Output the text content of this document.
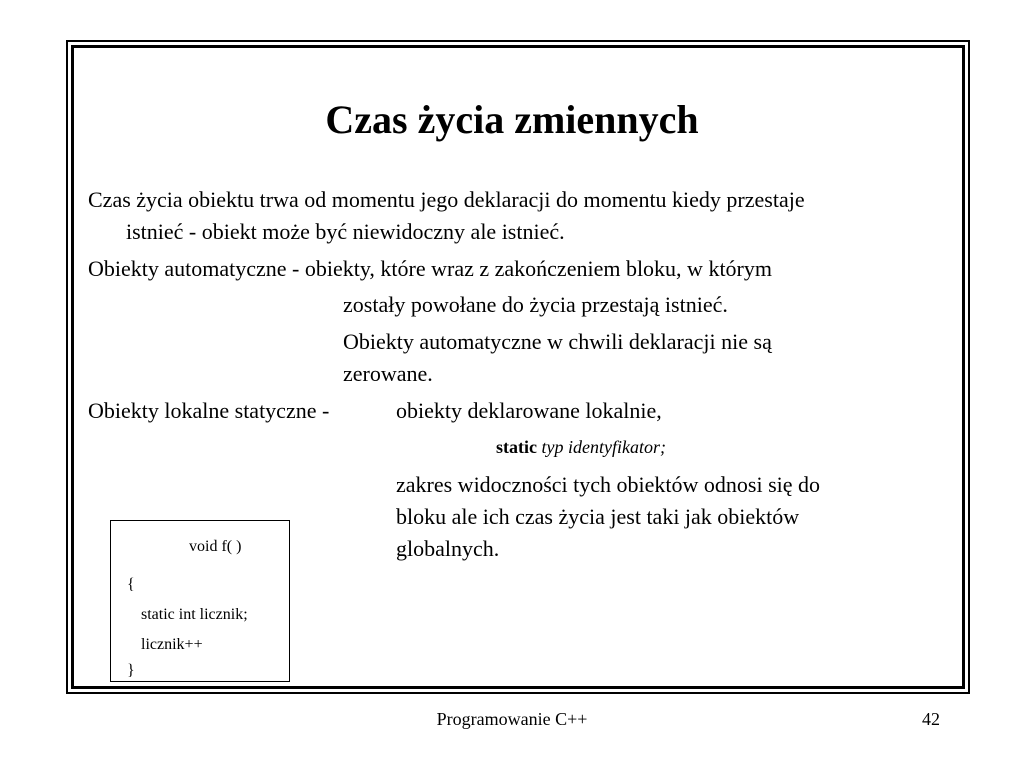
Czas życia zmiennych
Czas życia obiektu trwa od momentu jego deklaracji do momentu kiedy przestaje
istnieć - obiekt może być niewidoczny ale istnieć.
Obiekty automatyczne - obiekty, które wraz z zakończeniem bloku, w którym
zostały powołane do życia przestają istnieć.
Obiekty automatyczne w chwili deklaracji nie są
zerowane.
Obiekty lokalne statyczne -	obiekty deklarowane lokalnie,
static typ identyfikator;
zakres widoczności tych obiektów odnosi się do
bloku ale ich czas życia jest taki jak obiektów
globalnych.
void f( )
{
static int licznik;
licznik++
}
Programowanie C++	42
